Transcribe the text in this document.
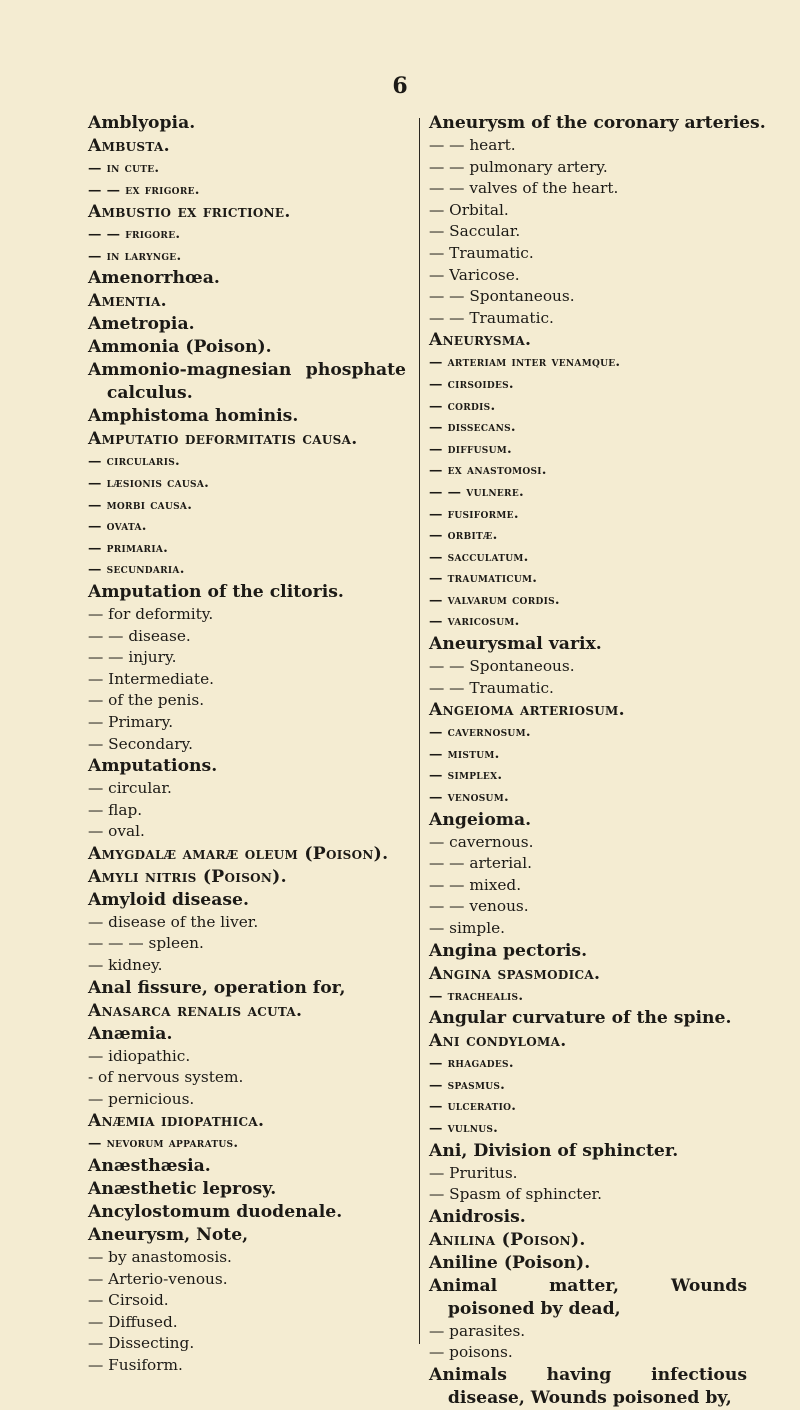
6
Amblyopia.
Ambusta.
— in cute.
— — ex frigore.
Ambustio ex frictione.
— — frigore.
— in larynge.
Amenorrhœa.
Amentia.
Ametropia.
Ammonia (Poison).
Ammonio-magnesian phosphate calculus.
Amphistoma hominis.
Amputatio deformitatis causa.
— circularis.
— læsionis causa.
— morbi causa.
— ovata.
— primaria.
— secundaria.
Amputation of the clitoris.
— for deformity.
— — disease.
— — injury.
— Intermediate.
— of the penis.
— Primary.
— Secondary.
Amputations.
— circular.
— flap.
— oval.
Amygdalæ amaræ oleum (Poison).
Amyli nitris (Poison).
Amyloid disease.
— disease of the liver.
— — — spleen.
— kidney.
Anal fissure, operation for,
Anasarca renalis acuta.
Anæmia.
— idiopathic.
- of nervous system.
— pernicious.
Anæmia idiopathica.
— nevorum apparatus.
Anæsthæsia.
Anæsthetic leprosy.
Ancylostomum duodenale.
Aneurysm, Note,
— by anastomosis.
— Arterio-venous.
— Cirsoid.
— Diffused.
— Dissecting.
— Fusiform.
Aneurysm of the coronary arteries.
— — heart.
— — pulmonary artery.
— — valves of the heart.
— Orbital.
— Saccular.
— Traumatic.
— Varicose.
— — Spontaneous.
— — Traumatic.
Aneurysma.
— arteriam inter venamque.
— cirsoides.
— cordis.
— dissecans.
— diffusum.
— ex anastomosi.
— — vulnere.
— fusiforme.
— orbitæ.
— sacculatum.
— traumaticum.
— valvarum cordis.
— varicosum.
Aneurysmal varix.
— — Spontaneous.
— — Traumatic.
Angeioma arteriosum.
— cavernosum.
— mistum.
— simplex.
— venosum.
Angeioma.
— cavernous.
— — arterial.
— — mixed.
— — venous.
— simple.
Angina pectoris.
Angina spasmodica.
— trachealis.
Angular curvature of the spine.
Ani condyloma.
— rhagades.
— spasmus.
— ulceratio.
— vulnus.
Ani, Division of sphincter.
— Pruritus.
— Spasm of sphincter.
Anidrosis.
Anilina (Poison).
Aniline (Poison).
Animal matter, Wounds poisoned by dead,
— parasites.
— poisons.
Animals having infectious disease, Wounds poisoned by,
